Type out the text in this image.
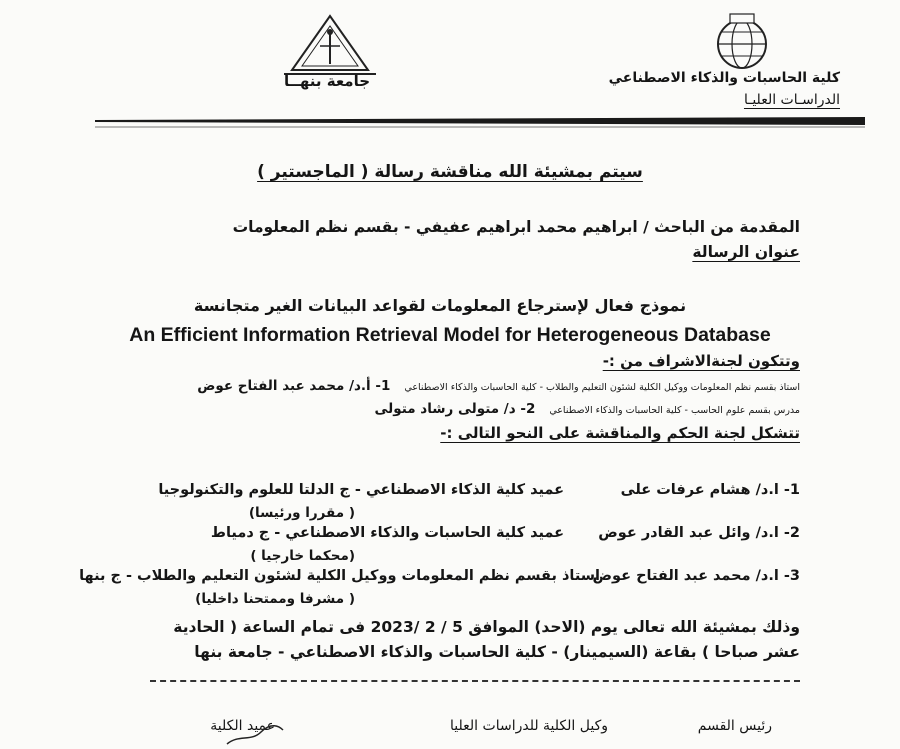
جامعة بنهــا	كلية الحاسبات والذكاء الاصطناعي
الدراسـات العليـا
سيتم بمشيئة الله مناقشة رسالة ( الماجستير )
المقدمة من الباحث / ابراهيم محمد ابراهيم عفيفي - بقسم نظم المعلومات
عنوان الرسالة
نموذج فعال لإسترجاع المعلومات لقواعد البيانات الغير متجانسة
An Efficient Information Retrieval Model for Heterogeneous Database
وتتكون لجنةالاشراف من :-
1- أ.د/ محمد عبد الفتاح عوض استاذ بقسم نظم المعلومات ووكيل الكلية لشئون التعليم والطلاب - كلية الحاسبات والذكاء الاصطناعي
2- د/ متولى رشاد متولى مدرس بقسم علوم الحاسب - كلية الحاسبات والذكاء الاصطناعي
تتشكل لجنة الحكم والمناقشة على النحو التالى :-
1- ا.د/ هشام عرفات على
عميد كلية الذكاء الاصطناعي - ج الدلتا للعلوم والتكنولوجيا
( مقررا ورئيسا)
2- ا.د/ وائل عبد القادر عوض
عميد كلية الحاسبات والذكاء الاصطناعي - ج دمياط
(محكما خارجيا )
3- ا.د/ محمد عبد الفتاح عوض
استاذ بقسم نظم المعلومات ووكيل الكلية لشئون التعليم والطلاب - ج بنها
( مشرفا وممتحنا داخليا)
وذلك بمشيئة الله تعالى يوم (الاحد) الموافق 5 / 2 /2023 فى تمام الساعة ( الحادية
عشر صباحا ) بقاعة (السيمينار) - كلية الحاسبات والذكاء الاصطناعي - جامعة بنها
رئيس القسم
وكيل الكلية للدراسات العليا
عميد الكلية
